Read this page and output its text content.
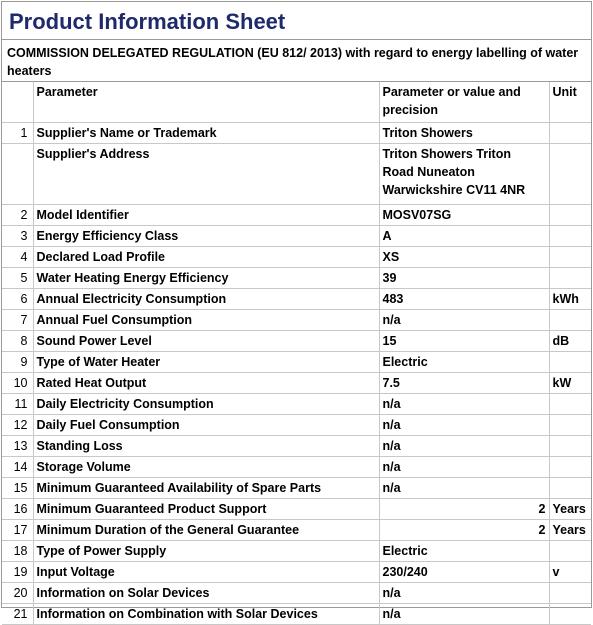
Product Information Sheet
COMMISSION DELEGATED REGULATION (EU 812/ 2013) with regard to energy labelling of water heaters
	Parameter	Parameter or value and precision	Unit
1	Supplier's Name or Trademark	Triton Showers	
	Supplier's Address	Triton Showers Triton Road Nuneaton Warwickshire CV11 4NR	
2	Model Identifier	MOSV07SG	
3	Energy Efficiency Class	A	
4	Declared Load Profile	XS	
5	Water Heating Energy Efficiency	39	
6	Annual Electricity Consumption	483	kWh
7	Annual Fuel Consumption	n/a	
8	Sound Power Level	15	dB
9	Type of Water Heater	Electric	
10	Rated Heat Output	7.5	kW
11	Daily Electricity Consumption	n/a	
12	Daily Fuel Consumption	n/a	
13	Standing Loss	n/a	
14	Storage Volume	n/a	
15	Minimum Guaranteed Availability of Spare Parts	n/a	
16	Minimum Guaranteed Product Support	2	Years
17	Minimum Duration of the General Guarantee	2	Years
18	Type of Power Supply	Electric	
19	Input Voltage	230/240	v
20	Information on Solar Devices	n/a	
21	Information on Combination with Solar Devices	n/a	
